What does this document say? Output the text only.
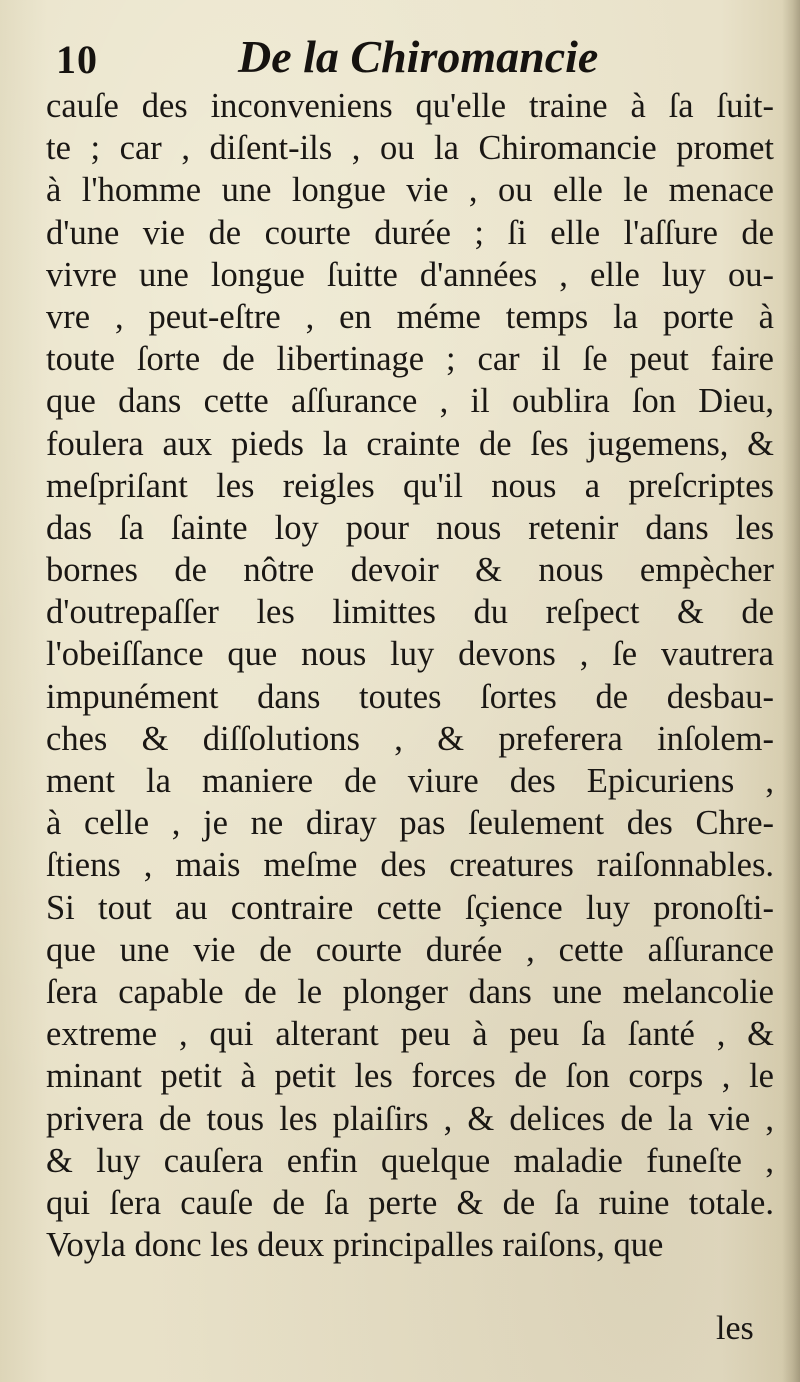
10	De la Chiromancie
cauſe des inconveniens qu'elle traine à ſa ſuit-
te ; car , diſent-ils , ou la Chiromancie promet
à l'homme une longue vie , ou elle le menace
d'une vie de courte durée ; ſi elle l'aſſure de
vivre une longue ſuitte d'années , elle luy ou-
vre , peut-eſtre , en méme temps la porte à
toute ſorte de libertinage ; car il ſe peut faire
que dans cette aſſurance , il oublira ſon Dieu,
foulera aux pieds la crainte de ſes jugemens, &
meſpriſant les reigles qu'il nous a preſcriptes
das ſa ſainte loy pour nous retenir dans les
bornes de nôtre devoir & nous empècher
d'outrepaſſer les limittes du reſpect & de
l'obeiſſance que nous luy devons , ſe vautrera
impunément dans toutes ſortes de desbau-
ches & diſſolutions , & preferera inſolem-
ment la maniere de viure des Epicuriens ,
à celle , je ne diray pas ſeulement des Chre-
ſtiens , mais meſme des creatures raiſonnables.
Si tout au contraire cette ſçience luy pronoſti-
que une vie de courte durée , cette aſſurance
ſera capable de le plonger dans une melancolie
extreme , qui alterant peu à peu ſa ſanté , &
minant petit à petit les forces de ſon corps , le
privera de tous les plaiſirs , & delices de la vie ,
& luy cauſera enfin quelque maladie funeſte ,
qui ſera cauſe de ſa perte & de ſa ruine totale.
Voyla donc les deux principalles raiſons, que
les
